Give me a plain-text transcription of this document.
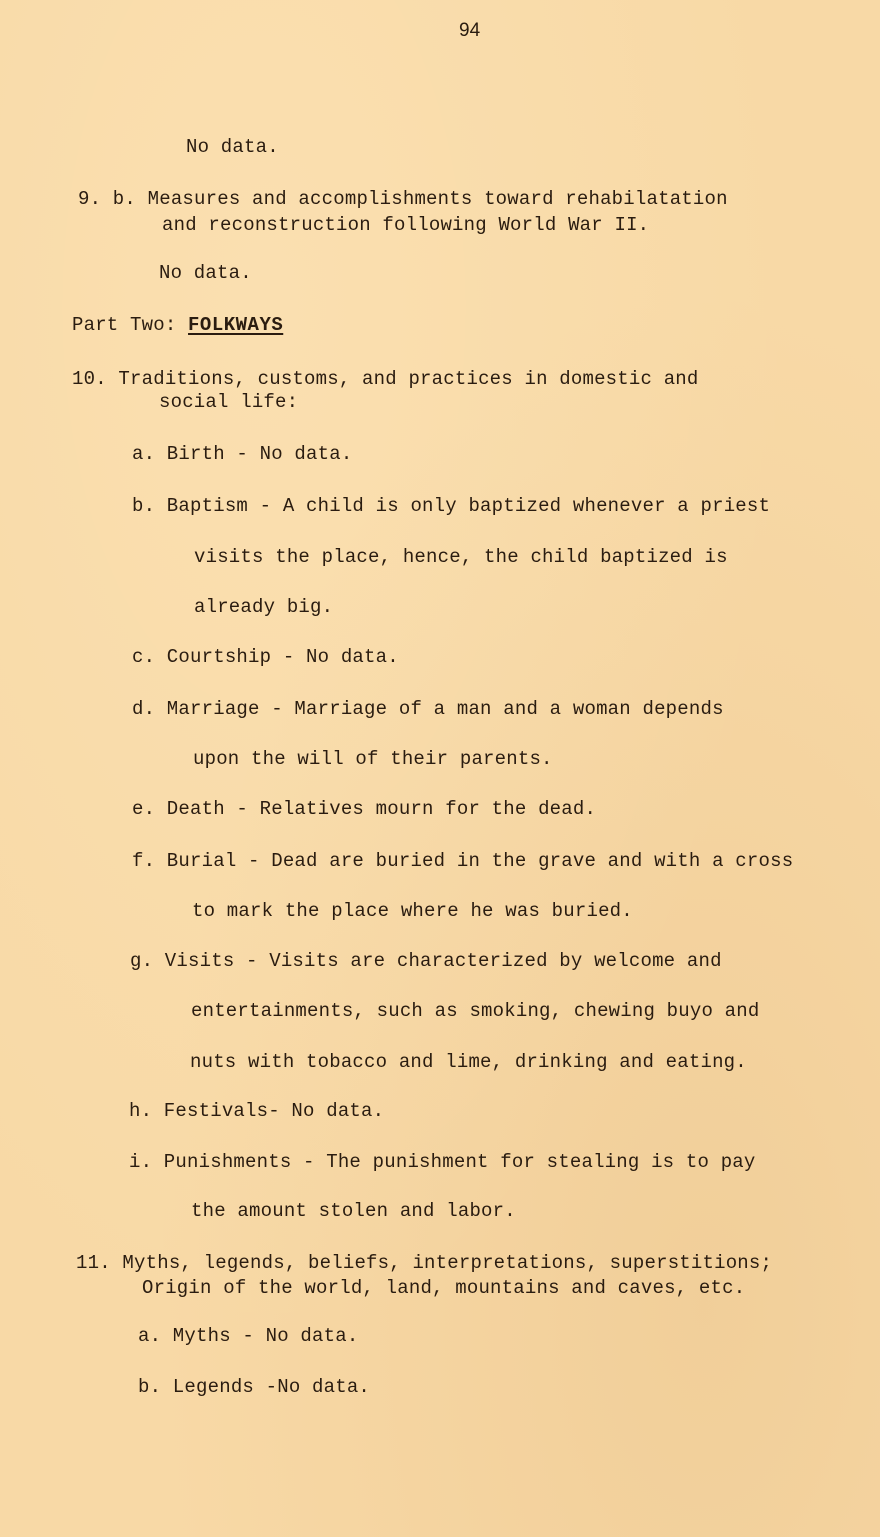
94
No data.
9. b. Measures and accomplishments toward rehabilatation
and reconstruction following World War II.
No data.
Part Two: FOLKWAYS
10. Traditions, customs, and practices in domestic and
social life:
a. Birth - No data.
b. Baptism - A child is only baptized whenever a priest
visits the place, hence, the child baptized is
already big.
c. Courtship - No data.
d. Marriage - Marriage of a man and a woman depends
upon the will of their parents.
e. Death - Relatives mourn for the dead.
f. Burial - Dead are buried in the grave and with a cross
to mark the place where he was buried.
g. Visits - Visits are characterized by welcome and
entertainments, such as smoking, chewing buyo and
nuts with tobacco and lime, drinking and eating.
h. Festivals- No data.
i. Punishments - The punishment for stealing is to pay
the amount stolen and labor.
11. Myths, legends, beliefs, interpretations, superstitions;
Origin of the world, land, mountains and caves, etc.
a. Myths - No data.
b. Legends -No data.
